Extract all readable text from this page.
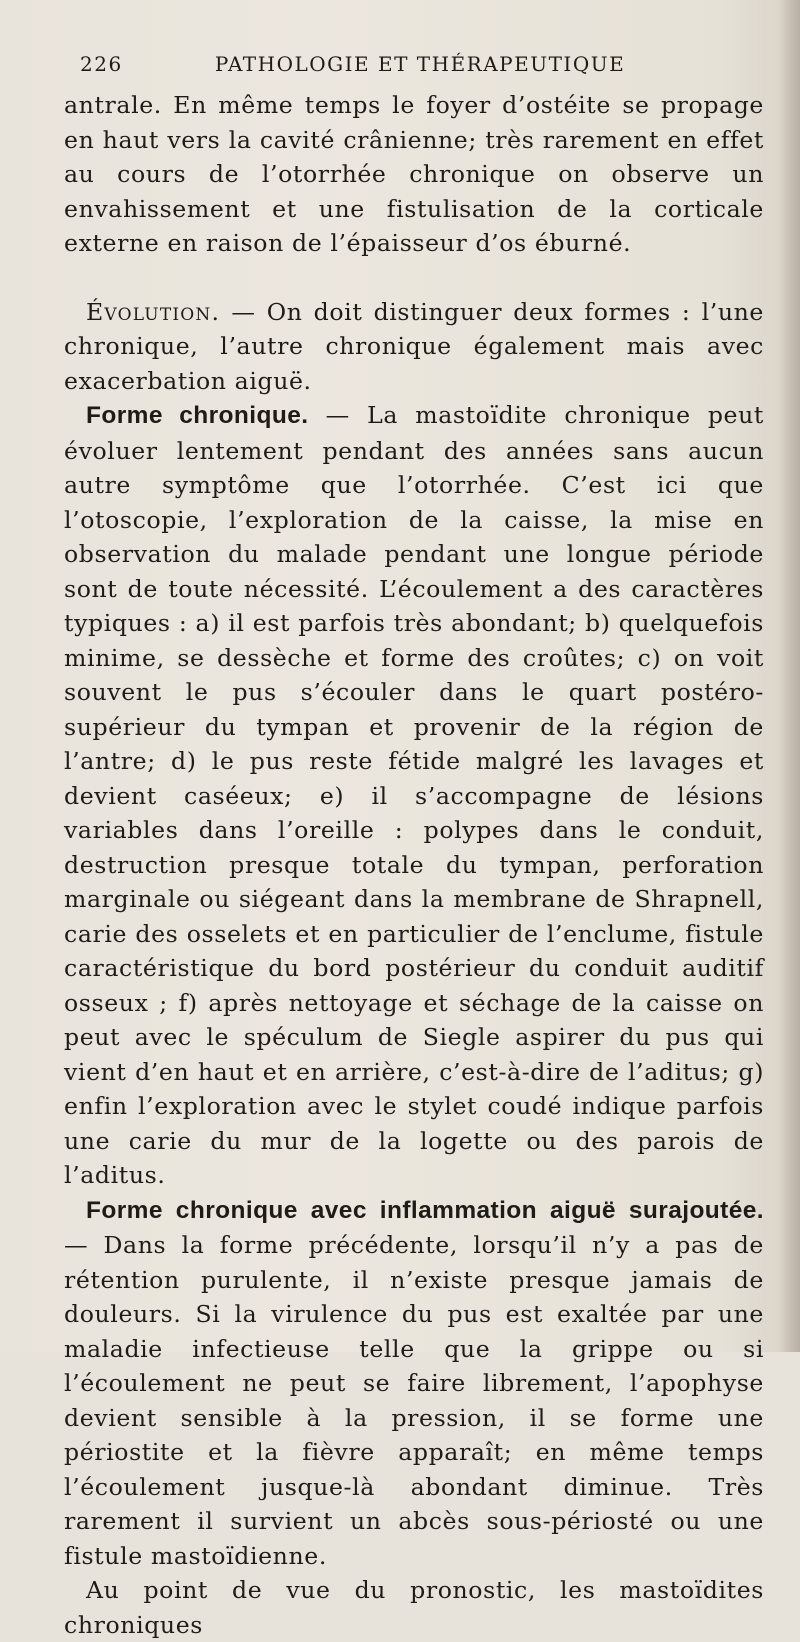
226	PATHOLOGIE ET THÉRAPEUTIQUE

antrale. En même temps le foyer d’ostéite se propage en haut vers la cavité crânienne; très rarement en effet au cours de l’otorrhée chronique on observe un envahissement et une fistulisation de la corticale externe en raison de l’épaisseur d’os éburné.

Évolution. — On doit distinguer deux formes : l’une chronique, l’autre chronique également mais avec exacerbation aiguë.

Forme chronique. — La mastoïdite chronique peut évoluer lentement pendant des années sans aucun autre symptôme que l’otorrhée. C’est ici que l’otoscopie, l’exploration de la caisse, la mise en observation du malade pendant une longue période sont de toute nécessité. L’écoulement a des caractères typiques : a) il est parfois très abondant; b) quelquefois minime, se dessèche et forme des croûtes; c) on voit souvent le pus s’écouler dans le quart postéro-supérieur du tympan et provenir de la région de l’antre; d) le pus reste fétide malgré les lavages et devient caséeux; e) il s’accompagne de lésions variables dans l’oreille : polypes dans le conduit, destruction presque totale du tympan, perforation marginale ou siégeant dans la membrane de Shrapnell, carie des osselets et en particulier de l’enclume, fistule caractéristique du bord postérieur du conduit auditif osseux ; f) après nettoyage et séchage de la caisse on peut avec le spéculum de Siegle aspirer du pus qui vient d’en haut et en arrière, c’est-à-dire de l’aditus; g) enfin l’exploration avec le stylet coudé indique parfois une carie du mur de la logette ou des parois de l’aditus.

Forme chronique avec inflammation aiguë surajoutée. — Dans la forme précédente, lorsqu’il n’y a pas de rétention purulente, il n’existe presque jamais de douleurs. Si la virulence du pus est exaltée par une maladie infectieuse telle que la grippe ou si l’écoulement ne peut se faire librement, l’apophyse devient sensible à la pression, il se forme une périostite et la fièvre apparaît; en même temps l’écoulement jusque-là abondant diminue. Très rarement il survient un abcès sous-périosté ou une fistule mastoïdienne.

Au point de vue du pronostic, les mastoïdites chroniques
